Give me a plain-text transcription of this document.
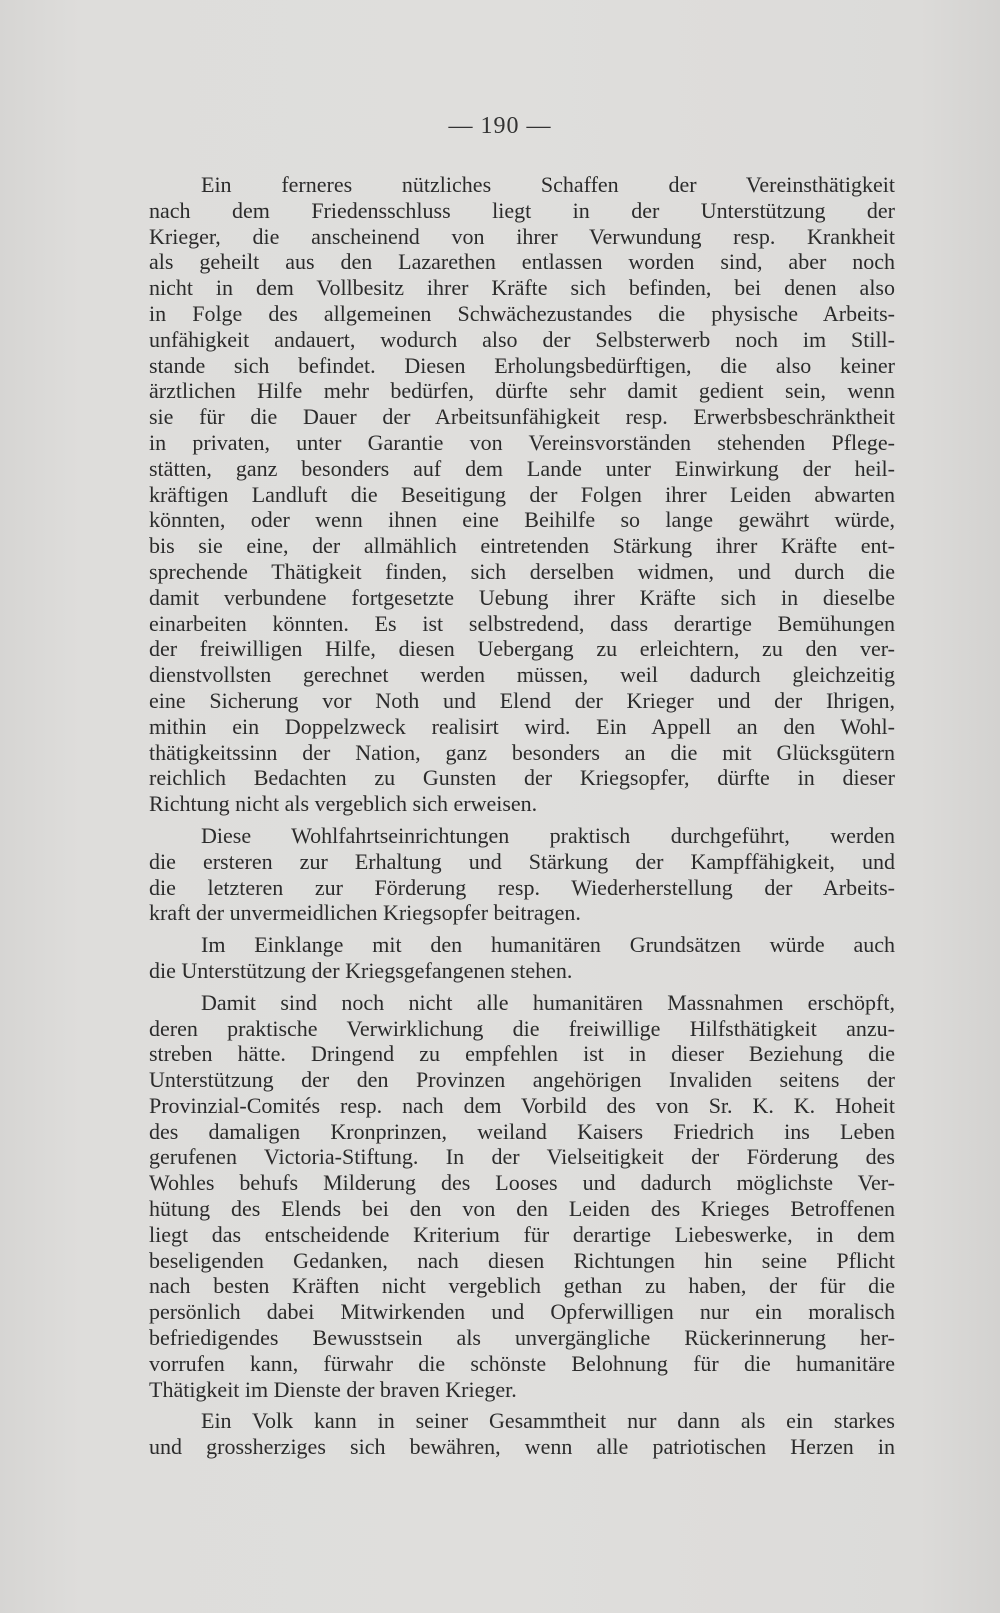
— 190 —
Ein ferneres nützliches Schaffen der Vereinsthätigkeit
nach dem Friedensschluss liegt in der Unterstützung der
Krieger, die anscheinend von ihrer Verwundung resp. Krankheit
als geheilt aus den Lazarethen entlassen worden sind, aber noch
nicht in dem Vollbesitz ihrer Kräfte sich befinden, bei denen also
in Folge des allgemeinen Schwächezustandes die physische Arbeits-
unfähigkeit andauert, wodurch also der Selbsterwerb noch im Still-
stande sich befindet. Diesen Erholungsbedürftigen, die also keiner
ärztlichen Hilfe mehr bedürfen, dürfte sehr damit gedient sein, wenn
sie für die Dauer der Arbeitsunfähigkeit resp. Erwerbsbeschränktheit
in privaten, unter Garantie von Vereinsvorständen stehenden Pflege-
stätten, ganz besonders auf dem Lande unter Einwirkung der heil-
kräftigen Landluft die Beseitigung der Folgen ihrer Leiden abwarten
könnten, oder wenn ihnen eine Beihilfe so lange gewährt würde,
bis sie eine, der allmählich eintretenden Stärkung ihrer Kräfte ent-
sprechende Thätigkeit finden, sich derselben widmen, und durch die
damit verbundene fortgesetzte Uebung ihrer Kräfte sich in dieselbe
einarbeiten könnten. Es ist selbstredend, dass derartige Bemühungen
der freiwilligen Hilfe, diesen Uebergang zu erleichtern, zu den ver-
dienstvollsten gerechnet werden müssen, weil dadurch gleichzeitig
eine Sicherung vor Noth und Elend der Krieger und der Ihrigen,
mithin ein Doppelzweck realisirt wird. Ein Appell an den Wohl-
thätigkeitssinn der Nation, ganz besonders an die mit Glücksgütern
reichlich Bedachten zu Gunsten der Kriegsopfer, dürfte in dieser
Richtung nicht als vergeblich sich erweisen.
Diese Wohlfahrtseinrichtungen praktisch durchgeführt, werden
die ersteren zur Erhaltung und Stärkung der Kampffähigkeit, und
die letzteren zur Förderung resp. Wiederherstellung der Arbeits-
kraft der unvermeidlichen Kriegsopfer beitragen.
Im Einklange mit den humanitären Grundsätzen würde auch
die Unterstützung der Kriegsgefangenen stehen.
Damit sind noch nicht alle humanitären Massnahmen erschöpft,
deren praktische Verwirklichung die freiwillige Hilfsthätigkeit anzu-
streben hätte. Dringend zu empfehlen ist in dieser Beziehung die
Unterstützung der den Provinzen angehörigen Invaliden seitens der
Provinzial-Comités resp. nach dem Vorbild des von Sr. K. K. Hoheit
des damaligen Kronprinzen, weiland Kaisers Friedrich ins Leben
gerufenen Victoria-Stiftung. In der Vielseitigkeit der Förderung des
Wohles behufs Milderung des Looses und dadurch möglichste Ver-
hütung des Elends bei den von den Leiden des Krieges Betroffenen
liegt das entscheidende Kriterium für derartige Liebeswerke, in dem
beseligenden Gedanken, nach diesen Richtungen hin seine Pflicht
nach besten Kräften nicht vergeblich gethan zu haben, der für die
persönlich dabei Mitwirkenden und Opferwilligen nur ein moralisch
befriedigendes Bewusstsein als unvergängliche Rückerinnerung her-
vorrufen kann, fürwahr die schönste Belohnung für die humanitäre
Thätigkeit im Dienste der braven Krieger.
Ein Volk kann in seiner Gesammtheit nur dann als ein starkes
und grossherziges sich bewähren, wenn alle patriotischen Herzen in
